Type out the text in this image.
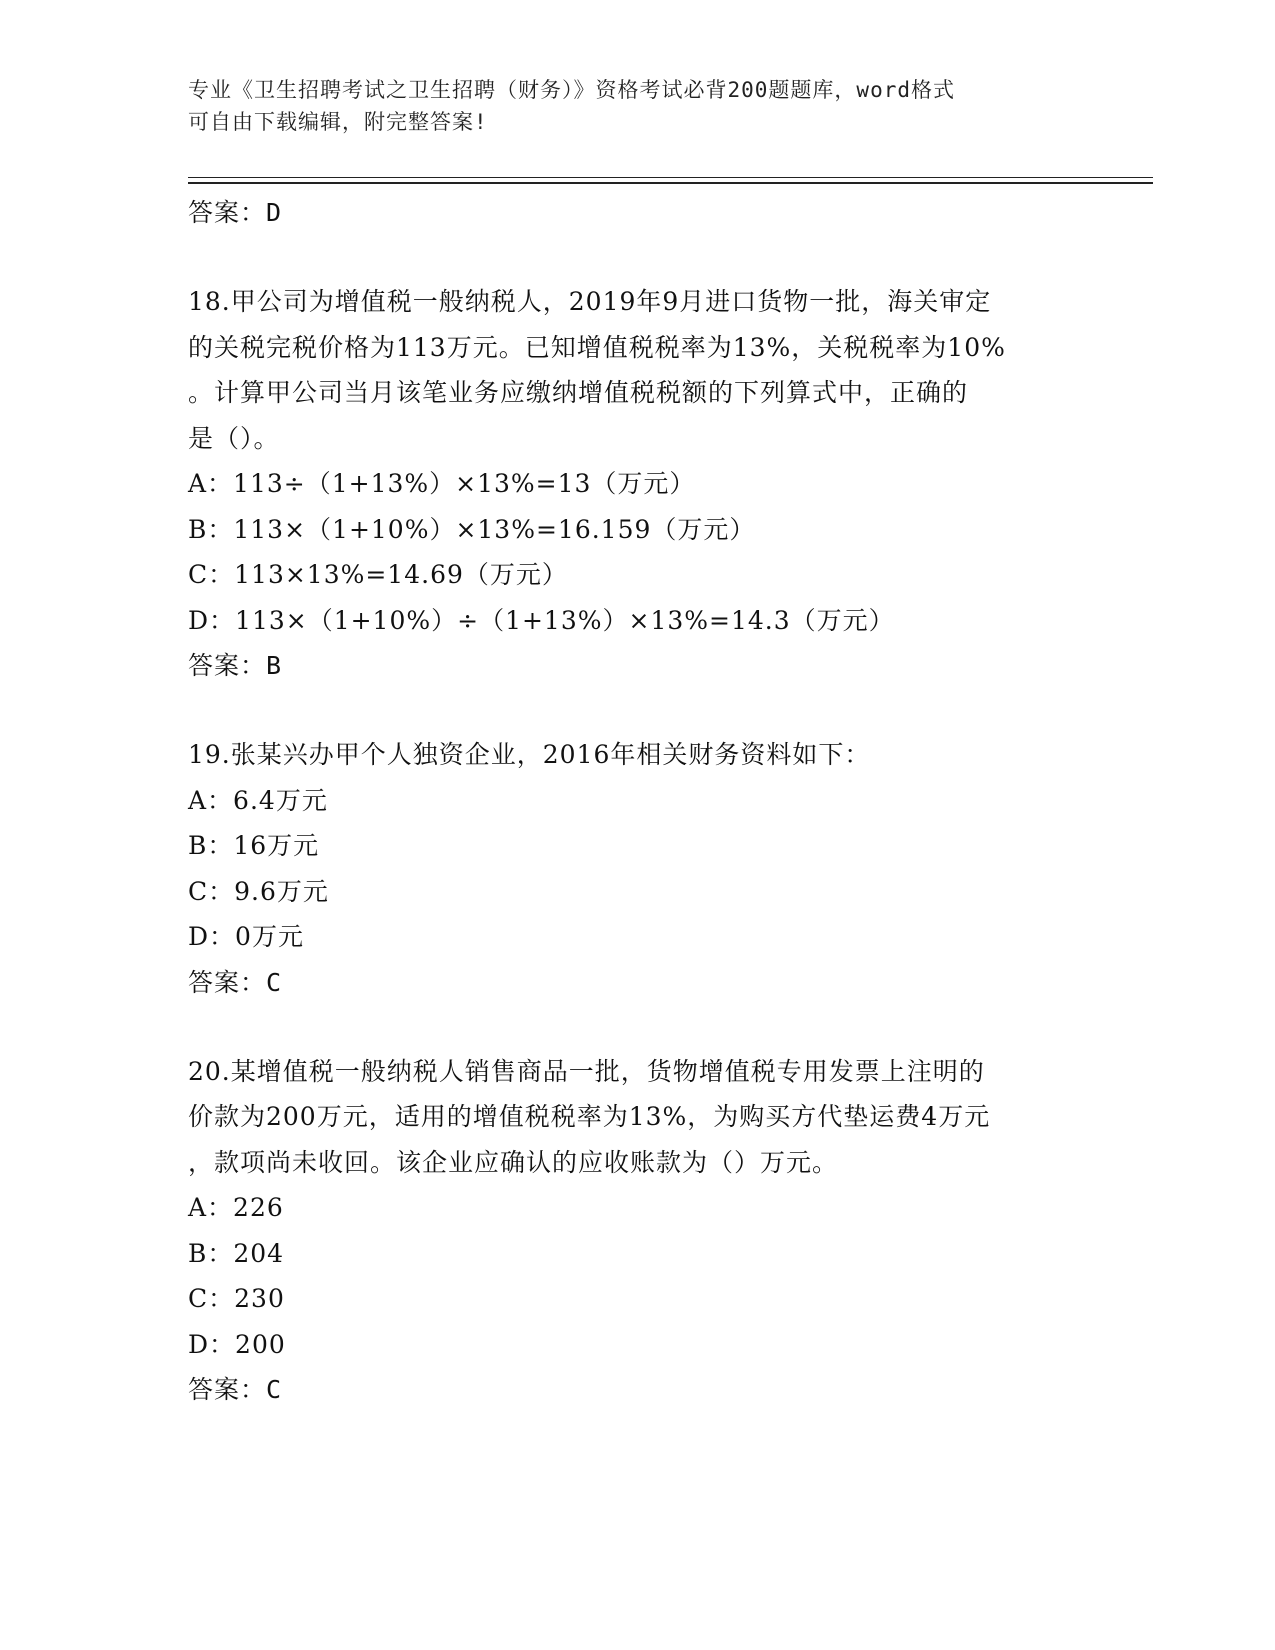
专业《卫生招聘考试之卫生招聘（财务）》资格考试必背200题题库，word格式
可自由下载编辑，附完整答案!
答案：D
18.甲公司为增值税一般纳税人，2019年9月进口货物一批，海关审定
的关税完税价格为113万元。已知增值税税率为13%，关税税率为10%
。计算甲公司当月该笔业务应缴纳增值税税额的下列算式中，正确的
是（）。
A：113÷（1+13%）×13%=13（万元）
B：113×（1+10%）×13%=16.159（万元）
C：113×13%=14.69（万元）
D：113×（1+10%）÷（1+13%）×13%=14.3（万元）
答案：B
19.张某兴办甲个人独资企业，2016年相关财务资料如下：
A：6.4万元
B：16万元
C：9.6万元
D：0万元
答案：C
20.某增值税一般纳税人销售商品一批，货物增值税专用发票上注明的
价款为200万元，适用的增值税税率为13%，为购买方代垫运费4万元
，款项尚未收回。该企业应确认的应收账款为（）万元。
A：226
B：204
C：230
D：200
答案：C
